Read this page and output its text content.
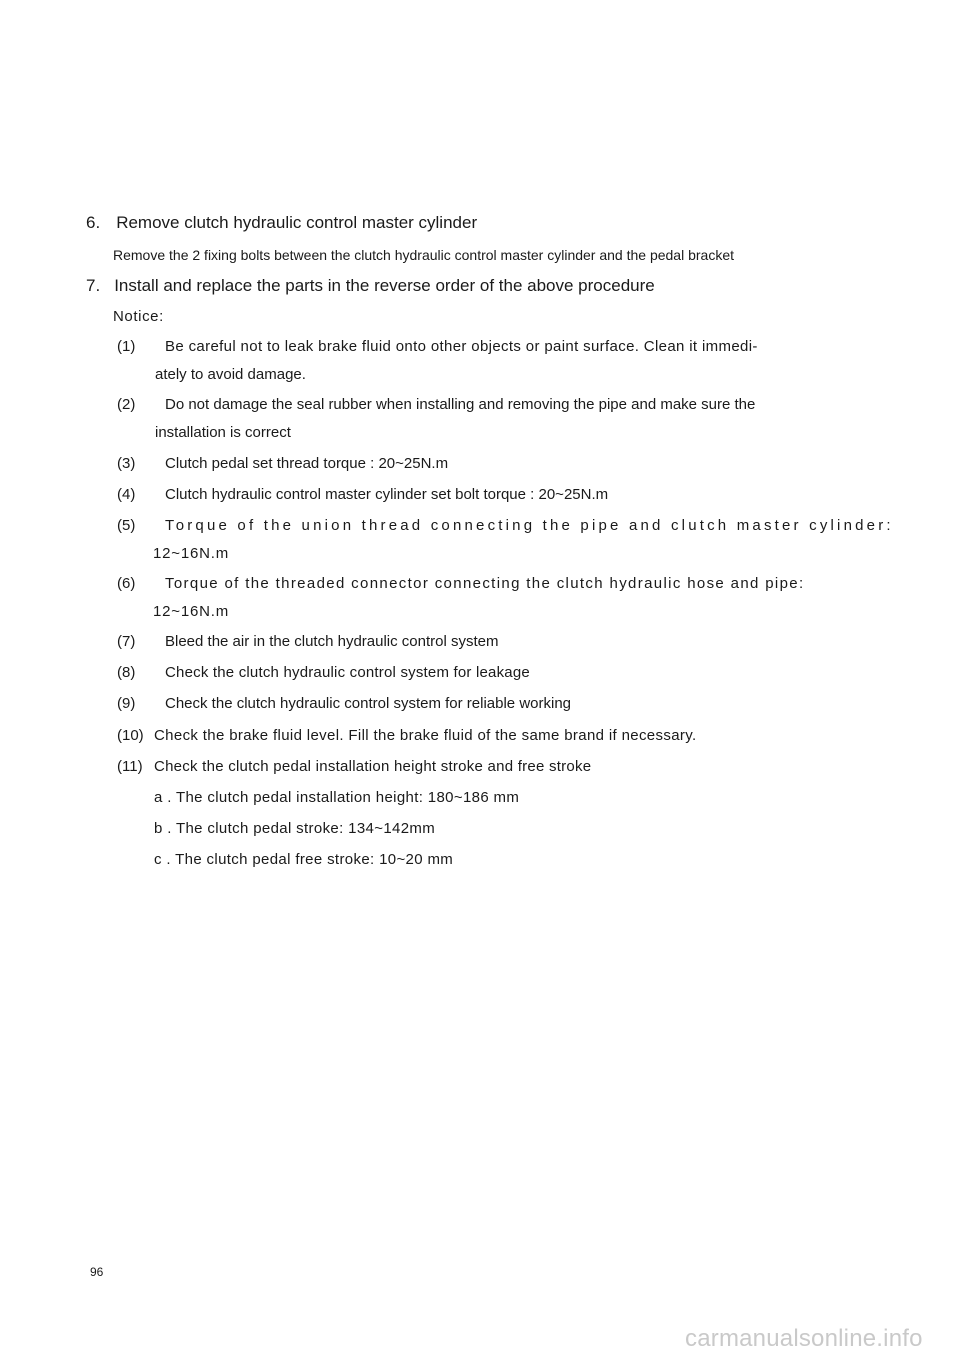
6. Remove clutch hydraulic control master cylinder
Remove the 2 fixing bolts between the clutch hydraulic control master cylinder and the pedal bracket
7. Install and replace the parts in the reverse order of the above procedure
Notice:
(1) Be careful not to leak brake fluid onto other objects or paint surface. Clean it immedi-
ately to avoid damage.
(2) Do not damage the seal rubber when installing and removing the pipe and make sure the
installation is correct
(3) Clutch pedal set thread torque : 20~25N.m
(4) Clutch hydraulic control master cylinder set bolt torque : 20~25N.m
(5) Torque of the union thread connecting the pipe and clutch master cylinder:
12~16N.m
(6) Torque of the threaded connector connecting the clutch hydraulic hose and pipe:
12~16N.m
(7) Bleed the air in the clutch hydraulic control system
(8) Check the clutch hydraulic control system for leakage
(9) Check the clutch hydraulic control system for reliable working
(10) Check the brake fluid level. Fill the brake fluid of the same brand if necessary.
(11) Check the clutch pedal installation height stroke and free stroke
a . The clutch pedal installation height: 180~186 mm
b . The clutch pedal stroke: 134~142mm
c . The clutch pedal free stroke: 10~20 mm
96
carmanualsonline.info
